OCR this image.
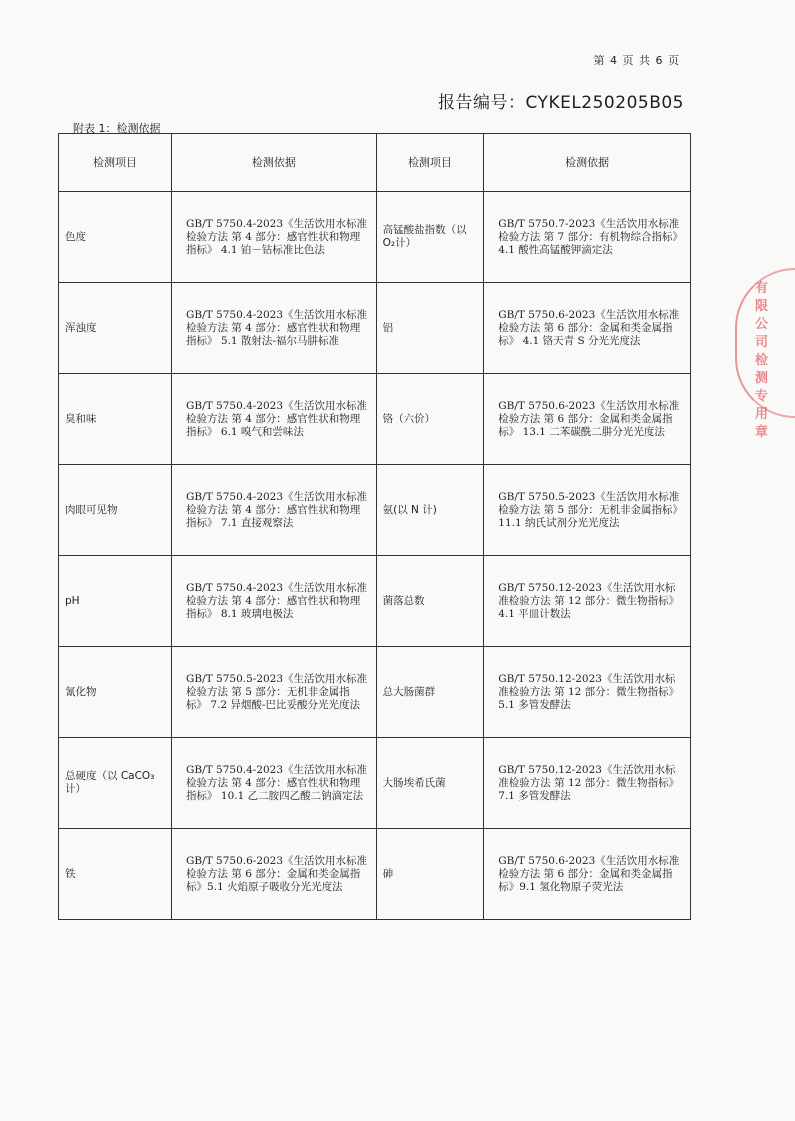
第 4 页 共 6 页
报告编号：CYKEL250205B05
附表 1：检测依据
检测项目	检测依据	检测项目	检测依据
色度	GB/T 5750.4-2023《生活饮用水标准检验方法 第 4 部分：感官性状和物理指标》 4.1 铂－钴标准比色法	高锰酸盐指数（以O₂计）	GB/T 5750.7-2023《生活饮用水标准检验方法 第 7 部分：有机物综合指标》 4.1 酸性高锰酸钾滴定法
浑浊度	GB/T 5750.4-2023《生活饮用水标准检验方法 第 4 部分：感官性状和物理指标》 5.1 散射法-福尔马肼标准	铝	GB/T 5750.6-2023《生活饮用水标准检验方法 第 6 部分：金属和类金属指标》 4.1 铬天青 S 分光光度法
臭和味	GB/T 5750.4-2023《生活饮用水标准检验方法 第 4 部分：感官性状和物理指标》 6.1 嗅气和尝味法	铬（六价）	GB/T 5750.6-2023《生活饮用水标准检验方法 第 6 部分：金属和类金属指标》 13.1 二苯碳酰二肼分光光度法
肉眼可见物	GB/T 5750.4-2023《生活饮用水标准检验方法 第 4 部分：感官性状和物理指标》 7.1 直接观察法	氨(以 N 计)	GB/T 5750.5-2023《生活饮用水标准检验方法 第 5 部分：无机非金属指标》 11.1 纳氏试剂分光光度法
pH	GB/T 5750.4-2023《生活饮用水标准检验方法 第 4 部分：感官性状和物理指标》 8.1 玻璃电极法	菌落总数	GB/T 5750.12-2023《生活饮用水标准检验方法 第 12 部分：微生物指标》 4.1 平皿计数法
氰化物	GB/T 5750.5-2023《生活饮用水标准检验方法 第 5 部分：无机非金属指标》 7.2 异烟酸-巴比妥酸分光光度法	总大肠菌群	GB/T 5750.12-2023《生活饮用水标准检验方法 第 12 部分：微生物指标》 5.1 多管发酵法
总硬度（以 CaCO₃计）	GB/T 5750.4-2023《生活饮用水标准检验方法 第 4 部分：感官性状和物理指标》 10.1 乙二胺四乙酸二钠滴定法	大肠埃希氏菌	GB/T 5750.12-2023《生活饮用水标准检验方法 第 12 部分：微生物指标》 7.1 多管发酵法
铁	GB/T 5750.6-2023《生活饮用水标准检验方法 第 6 部分：金属和类金属指标》5.1 火焰原子吸收分光光度法	砷	GB/T 5750.6-2023《生活饮用水标准检验方法 第 6 部分：金属和类金属指标》9.1 氢化物原子荧光法
有限公司检测专用章
